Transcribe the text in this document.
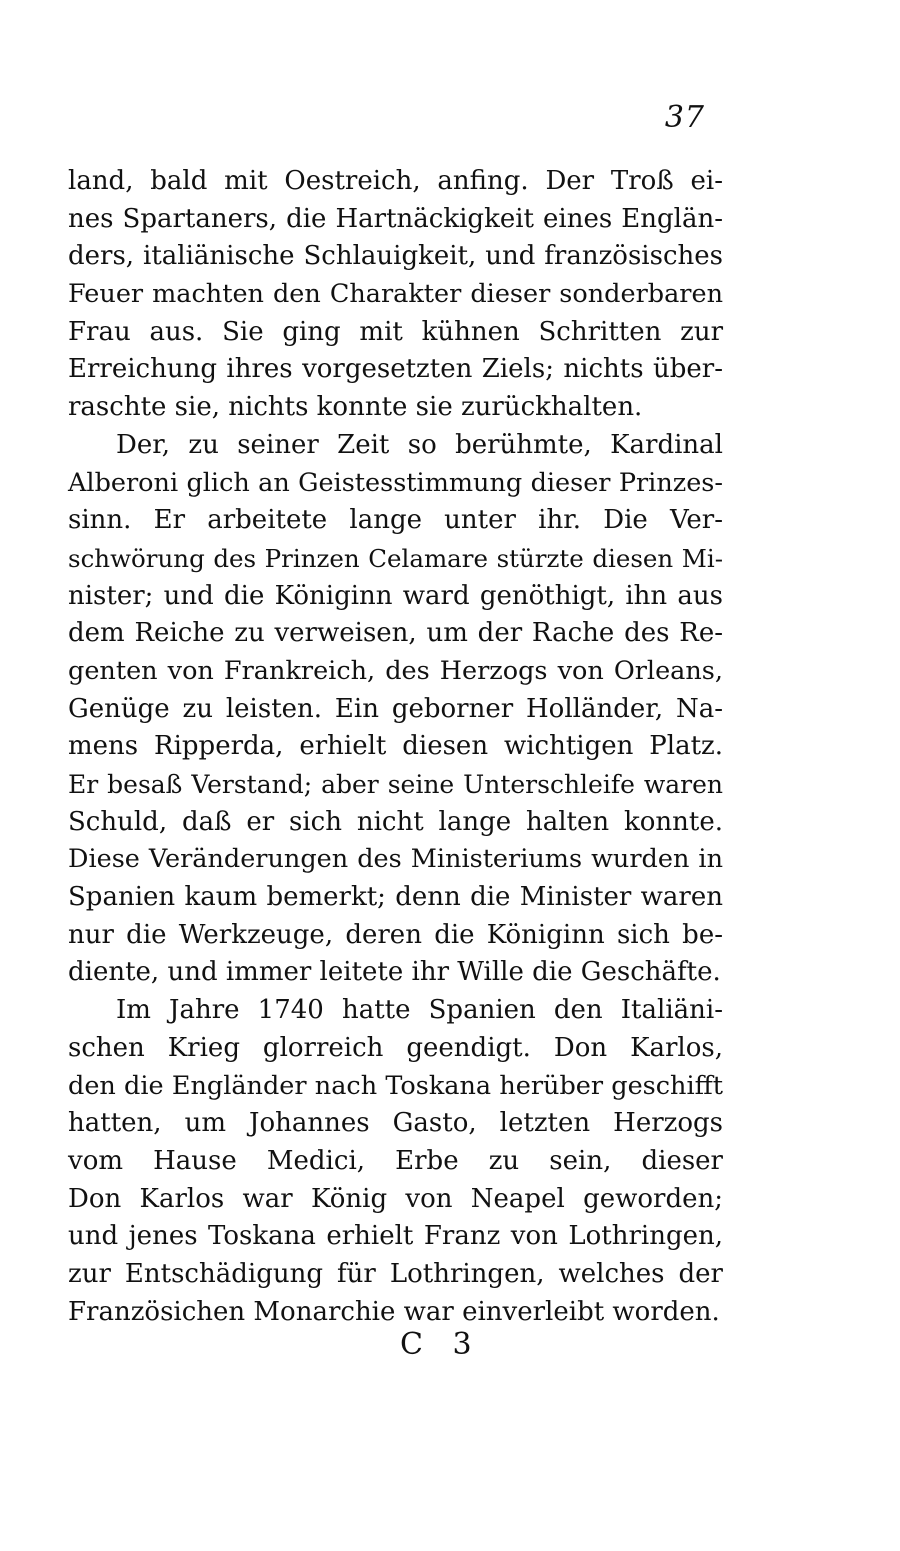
37
land, bald mit Oestreich, anfing. Der Troß ei-
nes Spartaners, die Hartnäckigkeit eines Englän-
ders, italiänische Schlauigkeit, und französisches
Feuer machten den Charakter dieser sonderbaren
Frau aus. Sie ging mit kühnen Schritten zur
Erreichung ihres vorgesetzten Ziels; nichts über-
raschte sie, nichts konnte sie zurückhalten.
Der, zu seiner Zeit so berühmte, Kardinal
Alberoni glich an Geistesstimmung dieser Prinzes-
sinn. Er arbeitete lange unter ihr. Die Ver-
schwörung des Prinzen Celamare stürzte diesen Mi-
nister; und die Königinn ward genöthigt, ihn aus
dem Reiche zu verweisen, um der Rache des Re-
genten von Frankreich, des Herzogs von Orleans,
Genüge zu leisten. Ein geborner Holländer, Na-
mens Ripperda, erhielt diesen wichtigen Platz.
Er besaß Verstand; aber seine Unterschleife waren
Schuld, daß er sich nicht lange halten konnte.
Diese Veränderungen des Ministeriums wurden in
Spanien kaum bemerkt; denn die Minister waren
nur die Werkzeuge, deren die Königinn sich be-
diente, und immer leitete ihr Wille die Geschäfte.
Im Jahre 1740 hatte Spanien den Italiäni-
schen Krieg glorreich geendigt. Don Karlos,
den die Engländer nach Toskana herüber geschifft
hatten, um Johannes Gasto, letzten Herzogs
vom Hause Medici, Erbe zu sein, dieser
Don Karlos war König von Neapel geworden;
und jenes Toskana erhielt Franz von Lothringen,
zur Entschädigung für Lothringen, welches der
Französichen Monarchie war einverleibt worden.
C 3
